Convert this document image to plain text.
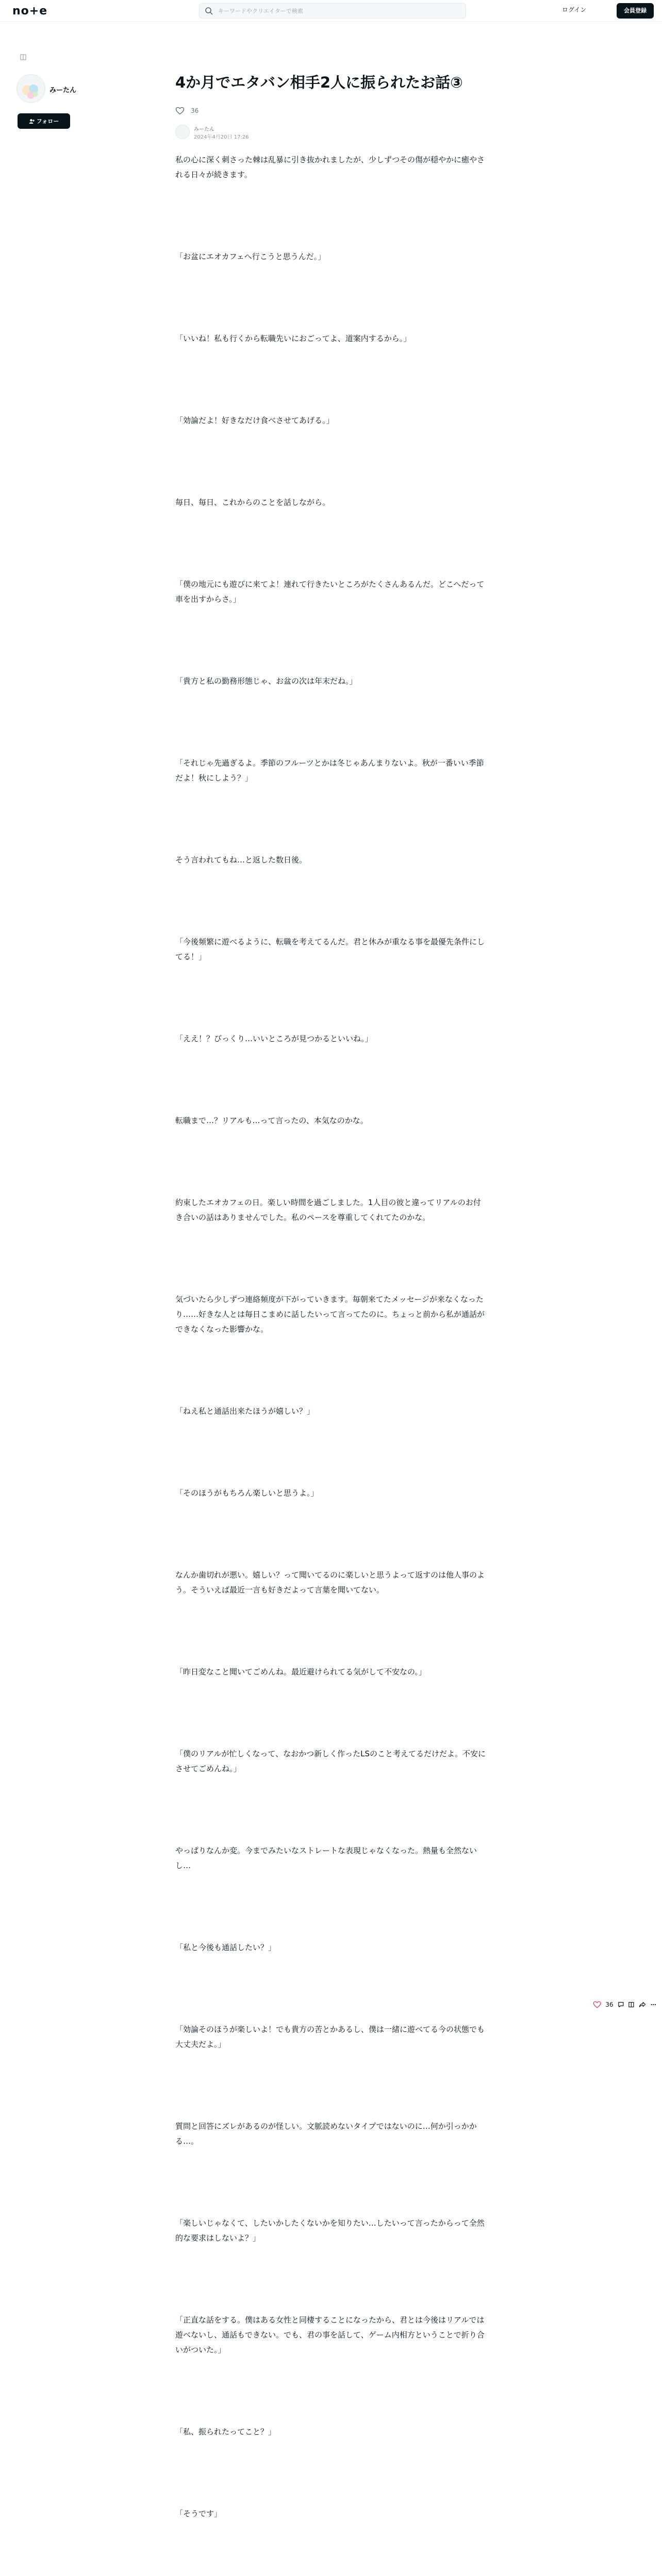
no+e
キーワードやクリエイターで検索	ログイン	会員登録
みーたん
フォロー
4か月でエタバン相手2人に振られたお話③
36
みーたん
2024年4月20日 17:26

私の心に深く刺さった棘は乱暴に引き抜かれましたが、少しずつその傷が穏やかに癒やされる日々が続きます。

「お盆にエオカフェへ行こうと思うんだ。」

「いいね！私も行くから転職先いにおごってよ、道案内するから。」

「効論だよ！好きなだけ食べさせてあげる。」

毎日、毎日、これからのことを話しながら。

「僕の地元にも遊びに来てよ！連れて行きたいところがたくさんあるんだ。どこへだって車を出すからさ。」

「貴方と私の勤務形態じゃ、お盆の次は年末だね。」

「それじゃ先過ぎるよ。季節のフルーツとかは冬じゃあんまりないよ。秋が一番いい季節だよ！秋にしよう？」

そう言われてもね…と返した数日後。

「今後頻繁に遊べるように、転職を考えてるんだ。君と休みが重なる事を最優先条件にしてる！」

「ええ！？びっくり…いいところが見つかるといいね。」

転職まで…？リアルも…って言ったの、本気なのかな。

約束したエオカフェの日。楽しい時間を過ごしました。1人目の彼と違ってリアルのお付き合いの話はありませんでした。私のペースを尊重してくれてたのかな。

気づいたら少しずつ連絡頻度が下がっていきます。毎朝来てたメッセージが来なくなったり……好きな人とは毎日こまめに話したいって言ってたのに。ちょっと前から私が通話ができなくなった影響かな。

「ねえ私と通話出来たほうが嬉しい？」

「そのほうがもちろん楽しいと思うよ。」

なんか歯切れが悪い。嬉しい？って聞いてるのに楽しいと思うよって返すのは他人事のよう。そういえば最近一言も好きだよって言葉を聞いてない。

「昨日変なこと聞いてごめんね。最近避けられてる気がして不安なの。」

「僕のリアルが忙しくなって、なおかつ新しく作ったLSのこと考えてるだけだよ。不安にさせてごめんね。」

やっぱりなんか変。今までみたいなストレートな表現じゃなくなった。熱量も全然ないし…

「私と今後も通話したい？」

「効論そのほうが楽しいよ！でも貴方の苦とかあるし、僕は一緒に遊べてる今の状態でも大丈夫だよ。」

質問と回答にズレがあるのが怪しい。文脈読めないタイプではないのに…何か引っかかる…。

「楽しいじゃなくて、したいかしたくないかを知りたい…したいって言ったからって全然的な要求はしないよ？」

「正直な話をする。僕はある女性と同棲することになったから、君とは今後はリアルでは遊べないし、通話もできない。でも、君の事を話して、ゲーム内相方ということで折り合いがついた。」

「私、振られたってこと？」

「そうです」

36
